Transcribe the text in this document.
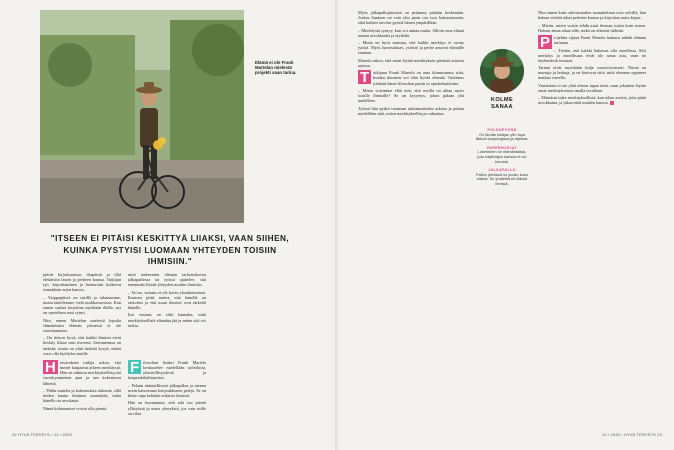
Elämä ei ole Frank Martelan mielestä projekti vaan tarina.
"ITSEEN EI PITÄISI KESKITTYÄ LIIAKSI, VAAN SIIHEN, KUINKA PYSTYISI LUOMAAN YHTEYDEN TOISIIN IHMISIIN."

päivät kirjoittamista, iltapäivät ja illat elettäisiin lasten ja perheen kanssa. Tutkijan työ, kirjoittaminen ja luennointi kulkevat rinnakkain arjen kanssa.

– Vaippapäiviä on meillä jo takanamme, mutta taiteilemme vielä ruuhkavuosissa. Kun ennen saattoi kirjoittaa myöhään illalla, nyt on opeteltava uusi rytmi.

Niin, ennen Martelan mielestä lopulta elämänlaatu elämän ytimessä ei ole suorittaminen.

– On tietysti hyvä, että kaikki ihmiset eivät keskity liikaa vain itseensä. Itsetuntemus on tärkeää, mutta on yhtä tärkeää kysyä, miten voisi olla hyödyksi muille.

H arvaruksen tutkija uskoo, että monet kaipaavat arkeen merkitystä. Hän on tutkinut merkityksellisyyttä vuosikymmenen ajan ja sen kokemisen lähteitä.

– Pidän tunteita ja kokemuksia tärkeinä, sillä niiden kautta ihminen ymmärtää, mikä hänelle on arvokasta.

Nämä kohtaamiset voivat olla pieniä.

mitä tarkemmin elämän tarkoituksesta jalkapallossa tai työssä ajattelee, sitä enemmän löytää yhteyden muihin ihmisiin.

– Tai no, vastaus ei ole kovin yksinkertainen. Ihmisen pitää tuntea, että hänellä on tarkoitus ja että muut ihmiset ovat tärkeitä hänelle.

Itse vastaus on siltä kannalta, mitä merkityksellistä elämään jää ja miten sitä voi tutkia.

F ilosofian lisäksi Frank Martela keskustelee mielellään urheilusta, yhteisöllisyydestä ja kaupunkikulttuurista.

– Pelaan säännöllisesti jalkapalloa ja menen usein katsomaan kotijoukkueen pelejä. Se on hieno tapa kohdata erilaisia ihmisiä.

Hän on huomannut, että arki tuo pieniä yllätyksiä ja uusia yhteyksiä, jos vain niille on tilaa.

Myös jalkapallopiireissä on pelannut pitkään keskenään. Joskus ihminen on vain yksi pieni osa isoa kokonaisuutta, eikä kaiken tarvitse pyöriä hänen ympärillään.

– Merkitystä syntyy, kun voi auttaa muita. Silloin oma elämä tuntuu arvokkaalta ja täydeltä.

– Mutta on hyvä muistaa, että kaikki merkitys ei synny työstä. Myös harrastukset, ystävät ja perhe antavat elämälle suuntaa.

Martela uskoo, että moni löytää merkityksen pienistä asioista arjessa.

T utkijana Frank Martela on aina kiinnostunut siitä, kuinka ihminen voi elää hyvää elämää. Tutkimus johdatti hänet filosofian pariin jo opiskeluaikoina.

– Miten voisimme elää niin, että meillä on aikaa myös toisille ihmisille? Se on kysymys, johon palaan yhä uudelleen.

Työssä hän pyrkii tuomaan tutkimustiedon arkeen ja puhuu mielellään siitä, miten merkityksellisyys rakentuu.

KOLME SANAA
POLKUPYÖRÄ
On tämän tutkijan ylin tapa liikkua kaupungissa ja arjessa.
PAPERIKIRJAT
Lukeminen on elämäntaitoa, jota näyttöajan kanssa ei voi korvata.
JALKAPALLO
Pallon perässä on juostu koko elämä. Se yhdistää eri ikäisiä ihmisiä.

Niin ennen kuin tulevaisuuden suunnitelmat ovat selvillä, hän haluaa viettää aikaa perheen kanssa ja kirjoittaa uutta kirjaa.

– Mietin, miten voisin tehdä asiat hieman toisin kuin ennen. Haluan antaa aikaa sille, mikä on oikeasti tärkeää.

P rojektin sijaan Frank Martela haluaisi nähdä elämän tarinana.

– Tiedän, että kaikki haluavat olla onnellisia. Silti merkitys ja onnellisuus eivät ole sama asia, vaan ne täydentävät toisiaan.

Tarinat eivät myöskään kulje suoraviivaisesti. Niissä on nousuja ja laskuja, ja ne kertovat siitä, mitä olemme oppineet matkan varrella.

Vastauksia ei ole yhtä oikeaa tapaa etsiä, vaan jokainen löytää omat merkityksensä omalla tavallaan.

– Elämästä tulee merkityksellistä, kun tekee asioita, joita pitää arvokkaina, ja jakaa niitä muiden kanssa.

22 HYVÄ TERVEYS / 13 / 2020	13 / 2020 / HYVÄ TERVEYS 23
